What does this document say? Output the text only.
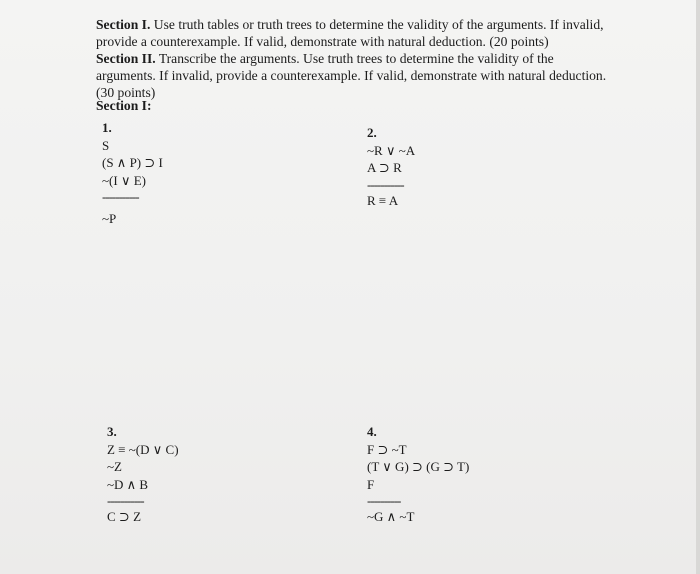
Section I. Use truth tables or truth trees to determine the validity of the arguments. If invalid, provide a counterexample. If valid, demonstrate with natural deduction. (20 points)

Section II. Transcribe the arguments. Use truth trees to determine the validity of the arguments. If invalid, provide a counterexample. If valid, demonstrate with natural deduction. (30 points)

Section I:
1.
S
(S ∧ P) ⊃ I
~(I ∨ E)
-----------
~P
2.
~R ∨ ~A
A ⊃ R
-----------
R ≡ A
3.
Z ≡ ~(D ∨ C)
~Z
~D ∧ B
-----------
C ⊃ Z
4.
F ⊃ ~T
(T ∨ G) ⊃ (G ⊃ T)
F
----------
~G ∧ ~T
